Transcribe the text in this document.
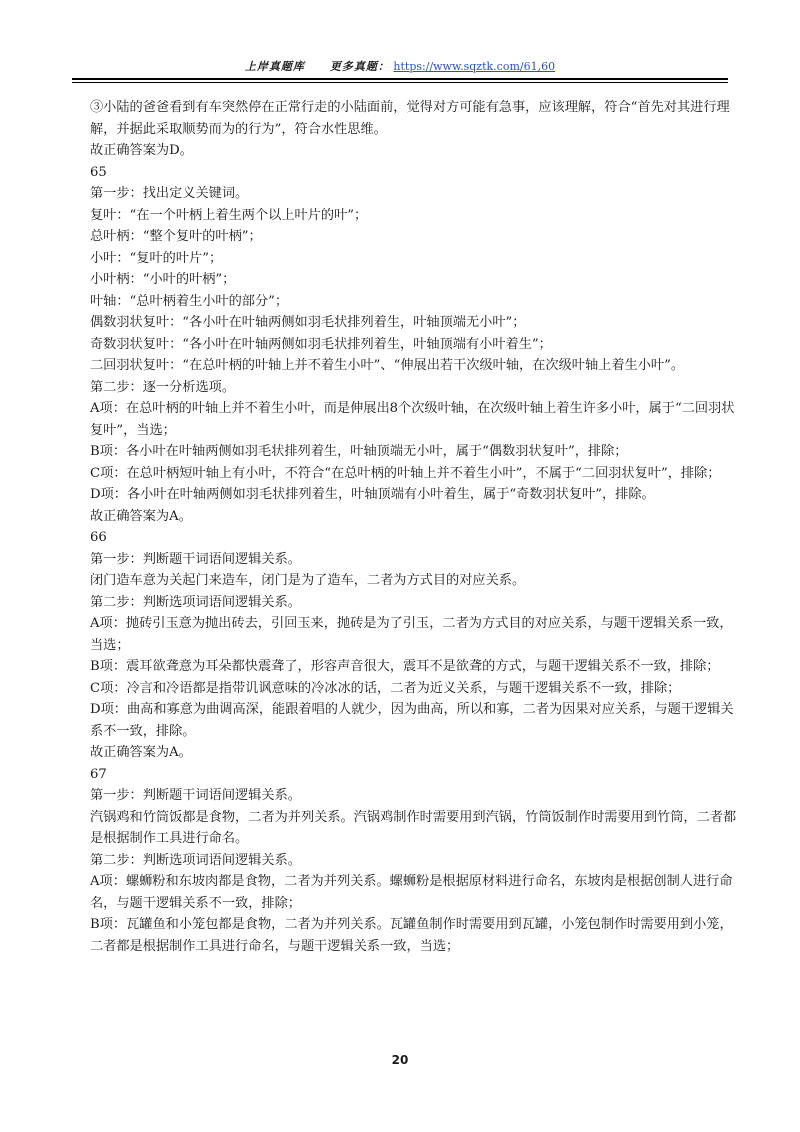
上岸真题库 更多真题： https://www.sqztk.com/61,60

③小陆的爸爸看到有车突然停在正常行走的小陆面前，觉得对方可能有急事，应该理解，符合“首先对其进行理解，并据此采取顺势而为的行为”，符合水性思维。

故正确答案为D。

65

第一步：找出定义关键词。

复叶：“在一个叶柄上着生两个以上叶片的叶”；

总叶柄：“整个复叶的叶柄”；

小叶：“复叶的叶片”；

小叶柄：“小叶的叶柄”；

叶轴：“总叶柄着生小叶的部分”；

偶数羽状复叶：“各小叶在叶轴两侧如羽毛状排列着生，叶轴顶端无小叶”；

奇数羽状复叶：“各小叶在叶轴两侧如羽毛状排列着生，叶轴顶端有小叶着生”；

二回羽状复叶：“在总叶柄的叶轴上并不着生小叶”、“伸展出若干次级叶轴，在次级叶轴上着生小叶”。

第二步：逐一分析选项。

A项：在总叶柄的叶轴上并不着生小叶，而是伸展出8个次级叶轴，在次级叶轴上着生许多小叶，属于“二回羽状复叶”，当选；

B项：各小叶在叶轴两侧如羽毛状排列着生，叶轴顶端无小叶，属于“偶数羽状复叶”，排除；

C项：在总叶柄短叶轴上有小叶，不符合“在总叶柄的叶轴上并不着生小叶”，不属于“二回羽状复叶”，排除；

D项：各小叶在叶轴两侧如羽毛状排列着生，叶轴顶端有小叶着生，属于“奇数羽状复叶”，排除。

故正确答案为A。

66

第一步：判断题干词语间逻辑关系。

闭门造车意为关起门来造车，闭门是为了造车，二者为方式目的对应关系。

第二步：判断选项词语间逻辑关系。

A项：抛砖引玉意为抛出砖去，引回玉来，抛砖是为了引玉，二者为方式目的对应关系，与题干逻辑关系一致，当选；

B项：震耳欲聋意为耳朵都快震聋了，形容声音很大，震耳不是欲聋的方式，与题干逻辑关系不一致，排除；

C项：冷言和冷语都是指带讥讽意味的冷冰冰的话，二者为近义关系，与题干逻辑关系不一致，排除；

D项：曲高和寡意为曲调高深，能跟着唱的人就少，因为曲高，所以和寡，二者为因果对应关系，与题干逻辑关系不一致，排除。

故正确答案为A。

67

第一步：判断题干词语间逻辑关系。

汽锅鸡和竹筒饭都是食物，二者为并列关系。汽锅鸡制作时需要用到汽锅，竹筒饭制作时需要用到竹筒，二者都是根据制作工具进行命名。

第二步：判断选项词语间逻辑关系。

A项：螺蛳粉和东坡肉都是食物，二者为并列关系。螺蛳粉是根据原材料进行命名，东坡肉是根据创制人进行命名，与题干逻辑关系不一致，排除；

B项：瓦罐鱼和小笼包都是食物，二者为并列关系。瓦罐鱼制作时需要用到瓦罐，小笼包制作时需要用到小笼，二者都是根据制作工具进行命名，与题干逻辑关系一致，当选；

20
